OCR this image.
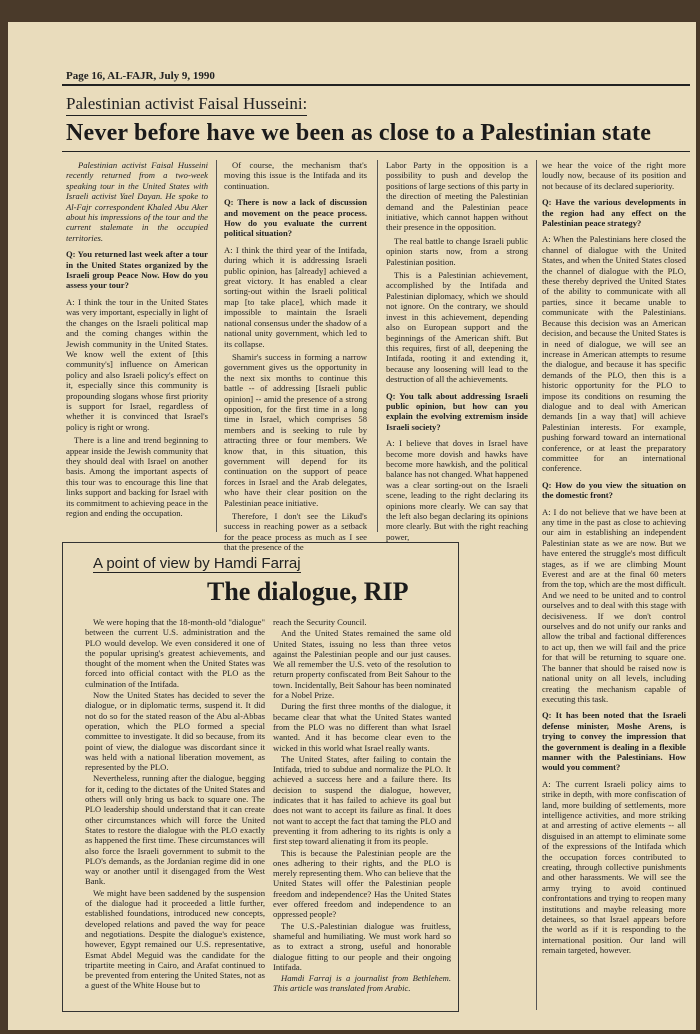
Page 16, AL-FAJR, July 9, 1990
Palestinian activist Faisal Husseini:
Never before have we been as close to a Palestinian state

Palestinian activist Faisal Husseini recently returned from a two-week speaking tour in the United States with Israeli activist Yael Dayan. He spoke to Al-Fajr correspondent Khaled Abu Aker about his impressions of the tour and the current stalemate in the occupied territories.

Q: You returned last week after a tour in the United States organized by the Israeli group Peace Now. How do you assess your tour?

A: I think the tour in the United States was very important, especially in light of the changes on the Israeli political map and the coming changes within the Jewish community in the United States. We know well the extent of [this community's] influence on American policy and also Israeli policy's effect on it, especially since this community is propounding slogans whose first priority is support for Israel, regardless of whether it is convinced that Israel's policy is right or wrong.

There is a line and trend beginning to appear inside the Jewish community that they should deal with Israel on another basis. Among the important aspects of this tour was to encourage this line that links support and backing for Israel with its commitment to achieving peace in the region and ending the occupation.

Of course, the mechanism that's moving this issue is the Intifada and its continuation.

Q: There is now a lack of discussion and movement on the peace process. How do you evaluate the current political situation?

A: I think the third year of the Intifada, during which it is addressing Israeli public opinion, has [already] achieved a great victory. It has enabled a clear sorting-out within the Israeli political map [to take place], which made it impossible to maintain the Israeli national consensus under the shadow of a national unity government, which led to its collapse.

Shamir's success in forming a narrow government gives us the opportunity in the next six months to continue this battle -- of addressing [Israeli public opinion] -- amid the presence of a strong opposition, for the first time in a long time in Israel, which comprises 58 members and is seeking to rule by attracting three or four members. We know that, in this situation, this government will depend for its continuation on the support of peace forces in Israel and the Arab delegates, who have their clear position on the Palestinian peace initiative.

Therefore, I don't see the Likud's success in reaching power as a setback for the peace process as much as I see that the presence of the

Labor Party in the opposition is a possibility to push and develop the positions of large sections of this party in the direction of meeting the Palestinian demand and the Palestinian peace initiative, which cannot happen without their presence in the opposition.

The real battle to change Israeli public opinion starts now, from a strong Palestinian position.

This is a Palestinian achievement, accomplished by the Intifada and Palestinian diplomacy, which we should not ignore. On the contrary, we should invest in this achievement, depending also on European support and the beginnings of the American shift. But this requires, first of all, deepening the Intifada, rooting it and extending it, because any loosening will lead to the destruction of all the achievements.

Q: You talk about addressing Israeli public opinion, but how can you explain the evolving extremism inside Israeli society?

A: I believe that doves in Israel have become more dovish and hawks have become more hawkish, and the political balance has not changed. What happened was a clear sorting-out on the Israeli scene, leading to the right declaring its opinions more clearly. We can say that the left also began declaring its opinions more clearly. But with the right reaching power,

we hear the voice of the right more loudly now, because of its position and not because of its declared superiority.

Q: Have the various developments in the region had any effect on the Palestinian peace strategy?

A: When the Palestinians here closed the channel of dialogue with the United States, and when the United States closed the channel of dialogue with the PLO, these thereby deprived the United States of the ability to communicate with all parties, since it became unable to communicate with the Palestinians. Because this decision was an American decision, and because the United States is in need of dialogue, we will see an increase in American attempts to resume the dialogue, and because it has specific demands of the PLO, then this is a historic opportunity for the PLO to impose its conditions on resuming the dialogue and to deal with American demands [in a way that] will achieve Palestinian interests. For example, pushing forward toward an international conference, or at least the preparatory committee for an international conference.

Q: How do you view the situation on the domestic front?

A: I do not believe that we have been at any time in the past as close to achieving our aim in establishing an independent Palestinian state as we are now. But we have entered the struggle's most difficult stages, as if we are climbing Mount Everest and are at the final 60 meters from the top, which are the most difficult. And we need to be united and to control ourselves and to deal with this stage with decisiveness. If we don't control ourselves and do not unify our ranks and allow the tribal and factional differences to act up, then we will fail and the price for that will be returning to square one. The banner that should be raised now is national unity on all levels, including creating the mechanism capable of executing this task.

Q: It has been noted that the Israeli defense minister, Moshe Arens, is trying to convey the impression that the government is dealing in a flexible manner with the Palestinians. How would you comment?

A: The current Israeli policy aims to strike in depth, with more confiscation of land, more building of settlements, more intelligence activities, and more striking at and arresting of active elements -- all disguised in an attempt to eliminate some of the expressions of the Intifada which the occupation forces contributed to creating, through collective punishments and other harassments. We will see the army trying to avoid continued confrontations and trying to reopen many institutions and maybe releasing more detainees, so that Israel appears before the world as if it is responding to the international position. Our land will remain targeted, however.

A point of view by Hamdi Farraj
The dialogue, RIP

We were hoping that the 18-month-old "dialogue" between the current U.S. administration and the PLO would develop. We even considered it one of the popular uprising's greatest achievements, and thought of the moment when the United States was forced into official contact with the PLO as the culmination of the Intifada.

Now the United States has decided to sever the dialogue, or in diplomatic terms, suspend it. It did not do so for the stated reason of the Abu al-Abbas operation, which the PLO formed a special committee to investigate. It did so because, from its point of view, the dialogue was discordant since it was held with a national liberation movement, as represented by the PLO.

Nevertheless, running after the dialogue, begging for it, ceding to the dictates of the United States and others will only bring us back to square one. The PLO leadership should understand that it can create other circumstances which will force the United States to restore the dialogue with the PLO exactly as happened the first time. These circumstances will also force the Israeli government to submit to the PLO's demands, as the Jordanian regime did in one way or another until it disengaged from the West Bank.

We might have been saddened by the suspension of the dialogue had it proceeded a little further, established foundations, introduced new concepts, developed relations and paved the way for peace and negotiations. Despite the dialogue's existence, however, Egypt remained our U.S. representative, Esmat Abdel Meguid was the candidate for the tripartite meeting in Cairo, and Arafat continued to be prevented from entering the United States, not as a guest of the White House but to

reach the Security Council.

And the United States remained the same old United States, issuing no less than three vetos against the Palestinian people and our just causes. We all remember the U.S. veto of the resolution to return property confiscated from Beit Sahour to the town. Incidentally, Beit Sahour has been nominated for a Nobel Prize.

During the first three months of the dialogue, it became clear that what the United States wanted from the PLO was no different than what Israel wanted. And it has become clear even to the wicked in this world what Israel really wants.

The United States, after failing to contain the Intifada, tried to subdue and normalize the PLO. It achieved a success here and a failure there. Its decision to suspend the dialogue, however, indicates that it has failed to achieve its goal but does not want to accept its failure as final. It does not want to accept the fact that taming the PLO and preventing it from adhering to its rights is only a first step toward alienating it from its people.

This is because the Palestinian people are the ones adhering to their rights, and the PLO is merely representing them. Who can believe that the United States will offer the Palestinian people freedom and independence? Has the United States ever offered freedom and independence to an oppressed people?

The U.S.-Palestinian dialogue was fruitless, shameful and humiliating. We must work hard so as to extract a strong, useful and honorable dialogue fitting to our people and their ongoing Intifada.

Hamdi Farraj is a journalist from Bethlehem. This article was translated from Arabic.
